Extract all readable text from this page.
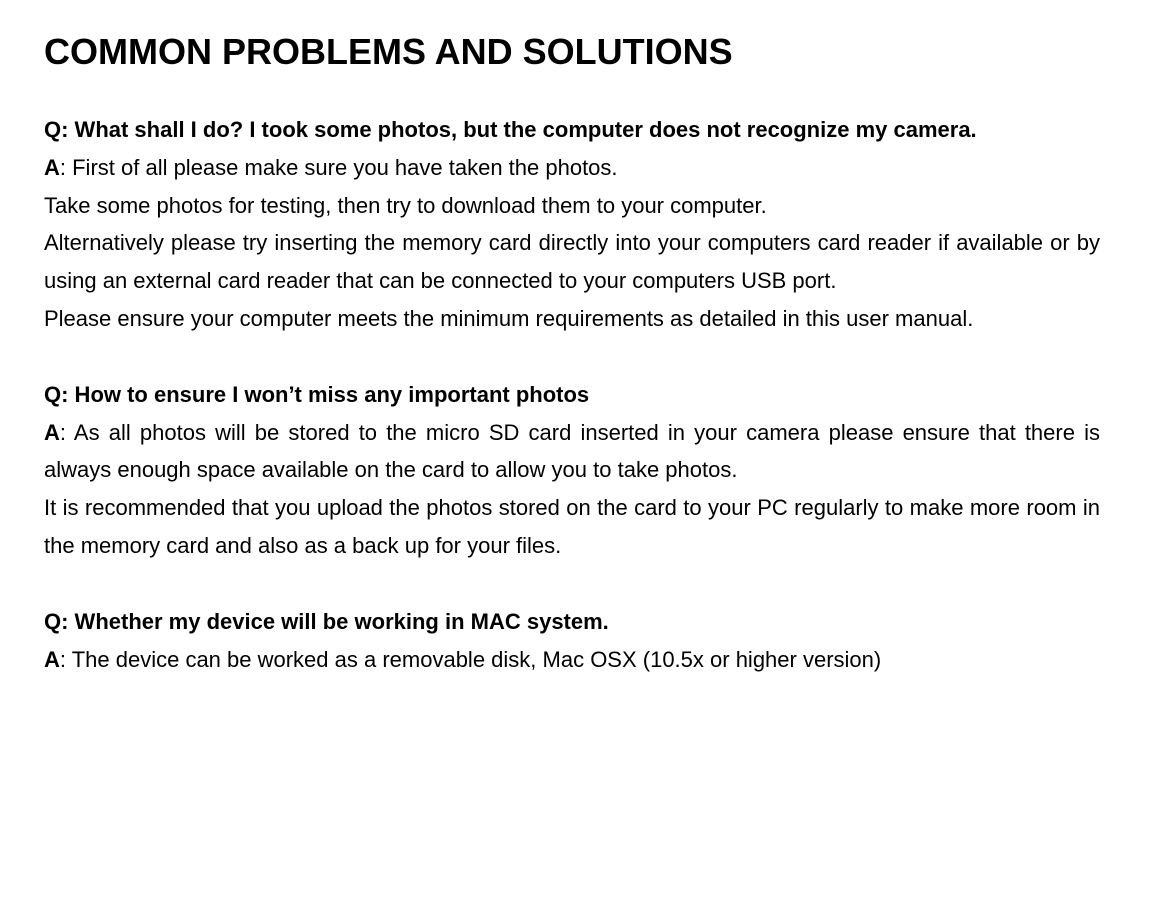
COMMON PROBLEMS AND SOLUTIONS

Q: What shall I do? I took some photos, but the computer does not recognize my camera.

A: First of all please make sure you have taken the photos.

Take some photos for testing, then try to download them to your computer.

Alternatively please try inserting the memory card directly into your computers card reader if available or by using an external card reader that can be connected to your computers USB port.

Please ensure your computer meets the minimum requirements as detailed in this user manual.

Q: How to ensure I won’t miss any important photos

A: As all photos will be stored to the micro SD card inserted in your camera please ensure that there is always enough space available on the card to allow you to take photos.

It is recommended that you upload the photos stored on the card to your PC regularly to make more room in the memory card and also as a back up for your files.

Q: Whether my device will be working in MAC system.

A: The device can be worked as a removable disk, Mac OSX (10.5x or higher version)
